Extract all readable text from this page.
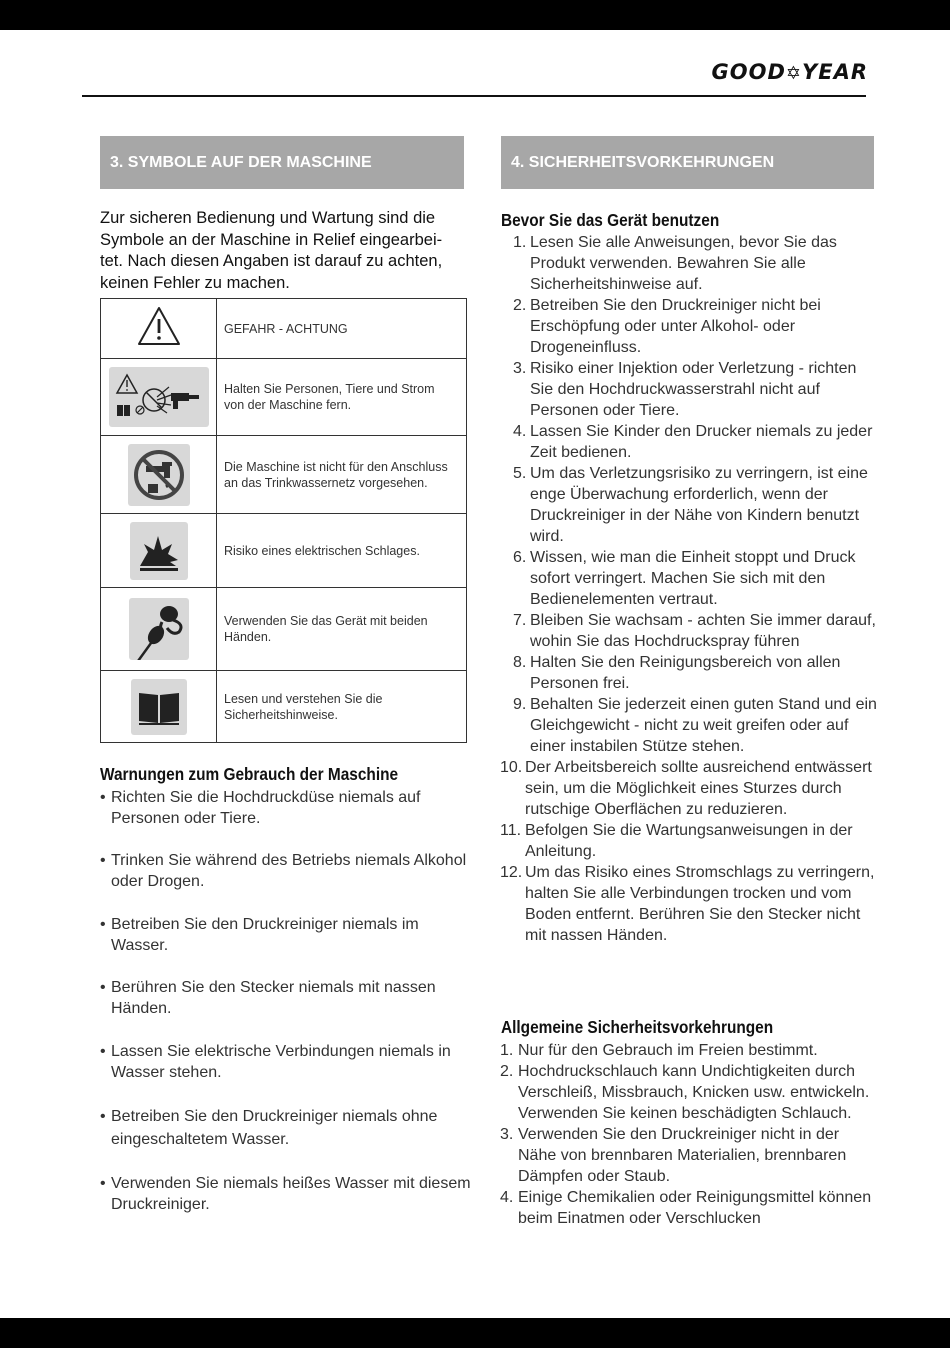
GOOD✡YEAR
3. SYMBOLE AUF DER MASCHINE
Zur sicheren Bedienung und Wartung sind die
Symbole an der Maschine in Relief eingearbei-
tet. Nach diesen Angaben ist darauf zu achten,
keinen Fehler zu machen.
	GEFAHR - ACHTUNG

	Halten Sie Personen, Tiere und Strom von der Maschine fern.

	Die Maschine ist nicht für den Anschluss an das Trinkwassernetz vorgesehen.

	Risiko eines elektrischen Schlages.

	Verwenden Sie das Gerät mit beiden Händen.

	Lesen und verstehen Sie die Sicherheitshinweise.
Warnungen zum Gebrauch der Maschine
• Richten Sie die Hochdruckdüse niemals auf Personen oder Tiere.
• Trinken Sie während des Betriebs niemals Alkohol oder Drogen.
• Betreiben Sie den Druckreiniger niemals im Wasser.
• Berühren Sie den Stecker niemals mit nassen Händen.
• Lassen Sie elektrische Verbindungen niemals in Wasser stehen.
• Betreiben Sie den Druckreiniger niemals ohne eingeschaltetem Wasser.
• Verwenden Sie niemals heißes Wasser mit diesem Druckreiniger.
4. SICHERHEITSVORKEHRUNGEN
Bevor Sie das Gerät benutzen
1. Lesen Sie alle Anweisungen, bevor Sie das Produkt verwenden. Bewahren Sie alle Sicherheitshinweise auf.
2. Betreiben Sie den Druckreiniger nicht bei Erschöpfung oder unter Alkohol- oder Drogeneinfluss.
3. Risiko einer Injektion oder Verletzung - richten Sie den Hochdruckwasserstrahl nicht auf Personen oder Tiere.
4. Lassen Sie Kinder den Drucker niemals zu jeder Zeit bedienen.
5. Um das Verletzungsrisiko zu verringern, ist eine enge Überwachung erforderlich, wenn der Druckreiniger in der Nähe von Kindern benutzt wird.
6. Wissen, wie man die Einheit stoppt und Druck sofort verringert. Machen Sie sich mit den Bedienelementen vertraut.
7. Bleiben Sie wachsam - achten Sie immer darauf, wohin Sie das Hochdruckspray führen
8. Halten Sie den Reinigungsbereich von allen Personen frei.
9. Behalten Sie jederzeit einen guten Stand und ein Gleichgewicht - nicht zu weit greifen oder auf einer instabilen Stütze stehen.
10. Der Arbeitsbereich sollte ausreichend entwässert sein, um die Möglichkeit eines Sturzes durch rutschige Oberflächen zu reduzieren.
11. Befolgen Sie die Wartungsanweisungen in der Anleitung.
12. Um das Risiko eines Stromschlags zu verringern, halten Sie alle Verbindungen trocken und vom Boden entfernt. Berühren Sie den Stecker nicht mit nassen Händen.
Allgemeine Sicherheitsvorkehrungen
1. Nur für den Gebrauch im Freien bestimmt.
2. Hochdruckschlauch kann Undichtigkeiten durch Verschleiß, Missbrauch, Knicken usw. entwickeln. Verwenden Sie keinen beschädigten Schlauch.
3. Verwenden Sie den Druckreiniger nicht in der Nähe von brennbaren Materialien, brennbaren Dämpfen oder Staub.
4. Einige Chemikalien oder Reinigungsmittel können beim Einatmen oder Verschlucken
